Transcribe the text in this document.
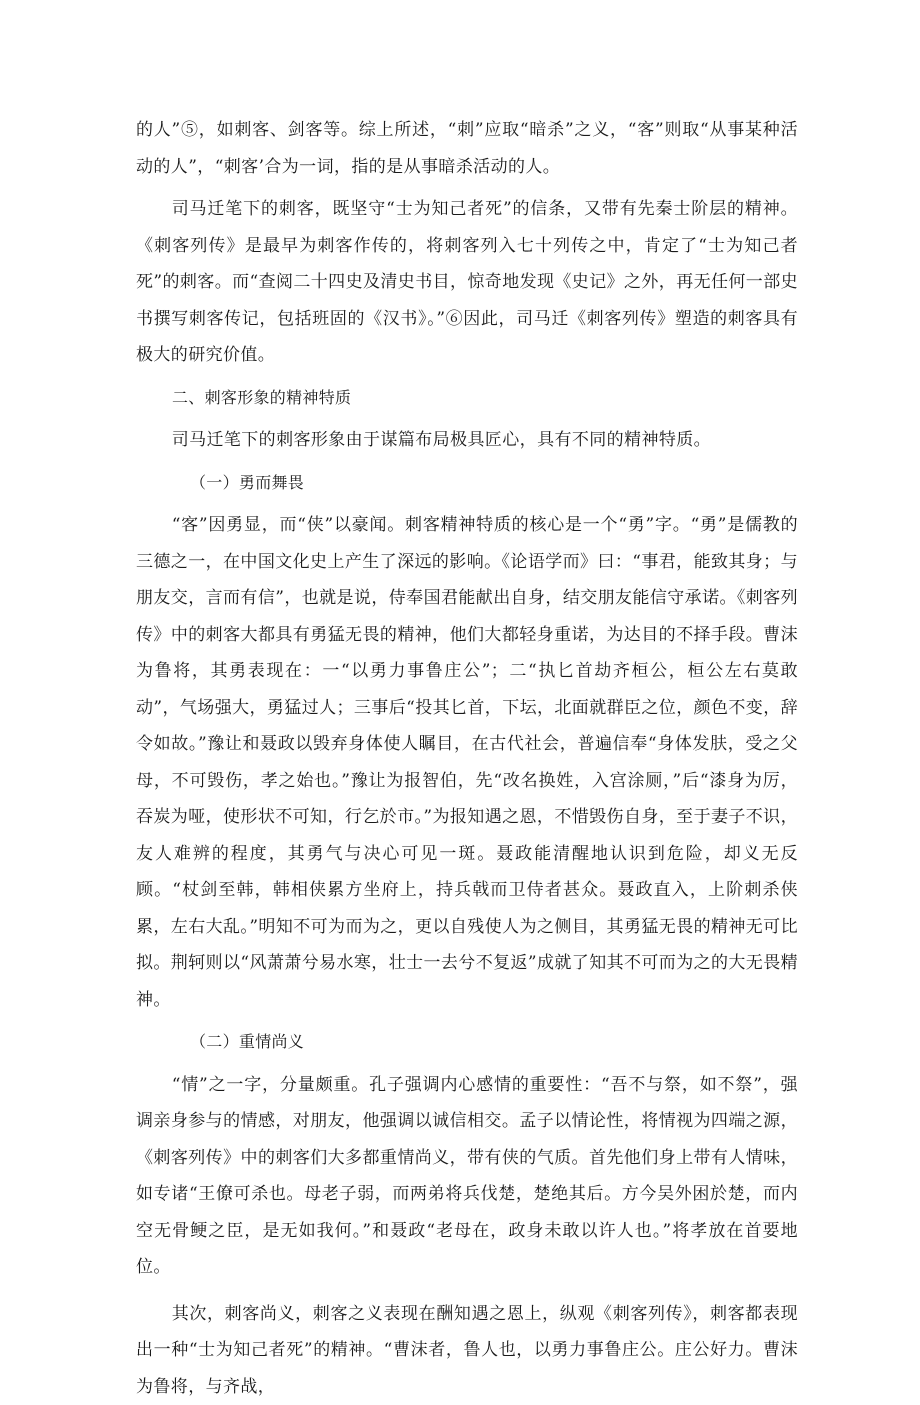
的人”⑤，如刺客、剑客等。综上所述，“刺”应取“暗杀”之义，“客”则取“从事某种活动的人”，“刺客’合为一词，指的是从事暗杀活动的人。

司马迁笔下的刺客，既坚守“士为知己者死”的信条，又带有先秦士阶层的精神。《刺客列传》是最早为刺客作传的，将刺客列入七十列传之中，肯定了“士为知己者死”的刺客。而“查阅二十四史及清史书目，惊奇地发现《史记》之外，再无任何一部史书撰写刺客传记，包括班固的《汉书》。”⑥因此，司马迁《刺客列传》塑造的刺客具有极大的研究价值。

二、刺客形象的精神特质

司马迁笔下的刺客形象由于谋篇布局极具匠心，具有不同的精神特质。

（一）勇而舞畏

“客”因勇显，而“侠”以豪闻。刺客精神特质的核心是一个“勇”字。“勇”是儒教的三德之一，在中国文化史上产生了深远的影响。《论语学而》曰：“事君，能致其身；与朋友交，言而有信”，也就是说，侍奉国君能献出自身，结交朋友能信守承诺。《刺客列传》中的刺客大都具有勇猛无畏的精神，他们大都轻身重诺，为达目的不择手段。曹沫为鲁将，其勇表现在：一“以勇力事鲁庄公”；二“执匕首劫齐桓公，桓公左右莫敢动”，气场强大，勇猛过人；三事后“投其匕首，下坛，北面就群臣之位，颜色不变，辞令如故。”豫让和聂政以毁弃身体使人瞩目，在古代社会，普遍信奉“身体发肤，受之父母，不可毁伤，孝之始也。”豫让为报智伯，先“改名换姓，入宫涂厕，”后“漆身为厉，吞炭为哑，使形状不可知，行乞於市。”为报知遇之恩，不惜毁伤自身，至于妻子不识，友人难辨的程度，其勇气与决心可见一斑。聂政能清醒地认识到危险，却义无反顾。“杖剑至韩，韩相侠累方坐府上，持兵戟而卫侍者甚众。聂政直入，上阶刺杀侠累，左右大乱。”明知不可为而为之，更以自残使人为之侧目，其勇猛无畏的精神无可比拟。荆轲则以“风萧萧兮易水寒，壮士一去兮不复返”成就了知其不可而为之的大无畏精神。

（二）重情尚义

“情”之一字，分量颇重。孔子强调内心感情的重要性：“吾不与祭，如不祭”，强调亲身参与的情感，对朋友，他强调以诚信相交。孟子以情论性，将情视为四端之源，《刺客列传》中的刺客们大多都重情尚义，带有侠的气质。首先他们身上带有人情味，如专诸“王僚可杀也。母老子弱，而两弟将兵伐楚，楚绝其后。方今吴外困於楚，而内空无骨鲠之臣，是无如我何。”和聂政“老母在，政身未敢以许人也。”将孝放在首要地位。

其次，刺客尚义，刺客之义表现在酬知遇之恩上，纵观《刺客列传》，刺客都表现出一种“士为知己者死”的精神。“曹沫者，鲁人也，以勇力事鲁庄公。庄公好力。曹沫为鲁将，与齐战，
